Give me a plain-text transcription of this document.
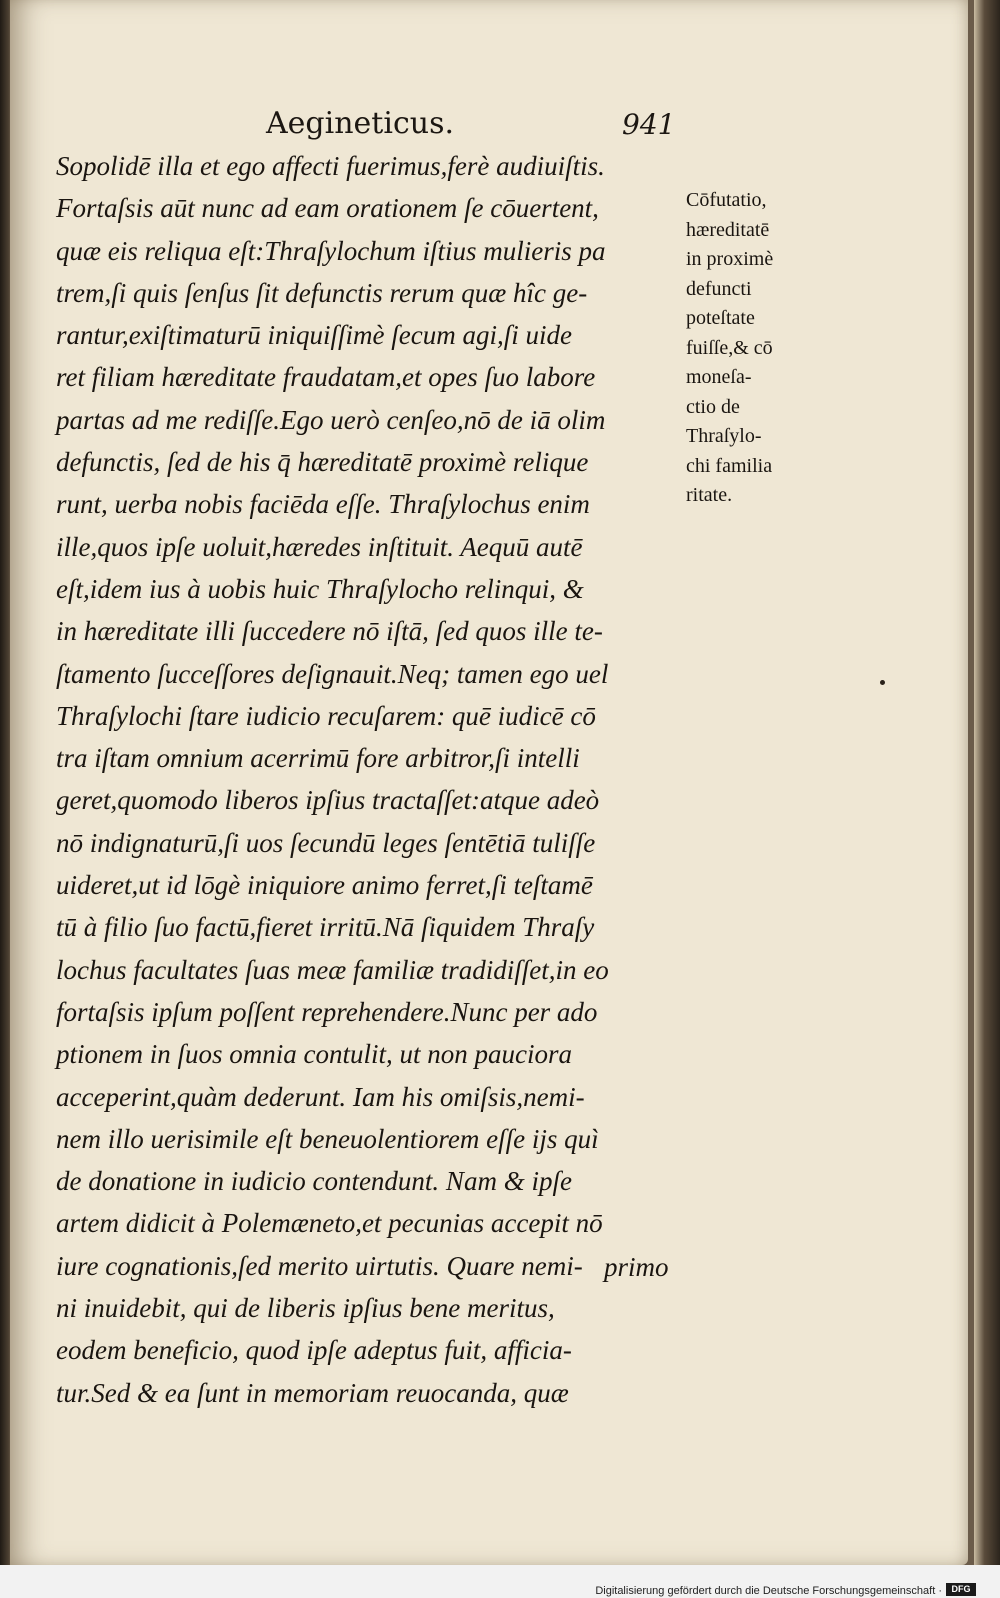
Aegineticus.	941
Sopolidē illa et ego affecti fuerimus,ferè audiuiſtis.
Fortaſsis aūt nunc ad eam orationem ſe cōuertent,
quæ eis reliqua eſt:Thraſylochum iſtius mulieris pa
trem,ſi quis ſenſus ſit defunctis rerum quæ hîc ge-
rantur,exiſtimaturū iniquiſſimè ſecum agi,ſi uide
ret filiam hæreditate fraudatam,et opes ſuo labore
partas ad me rediſſe.Ego uerò cenſeo,nō de iā olim
defunctis, ſed de his q̄ hæreditatē proximè relique
runt, uerba nobis faciēda eſſe. Thraſylochus enim
ille,quos ipſe uoluit,hæredes inſtituit. Aequū autē
eſt,idem ius à uobis huic Thraſylocho relinqui, &
in hæreditate illi ſuccedere nō iſtā, ſed quos ille te-
ſtamento ſucceſſores deſignauit.Neq; tamen ego uel
Thraſylochi ſtare iudicio recuſarem: quē iudicē cō
tra iſtam omnium acerrimū fore arbitror,ſi intelli
geret,quomodo liberos ipſius tractaſſet:atque adeò
nō indignaturū,ſi uos ſecundū leges ſentētiā tuliſſe
uideret,ut id lōgè iniquiore animo ferret,ſi teſtamē
tū à filio ſuo factū,fieret irritū.Nā ſiquidem Thraſy
lochus facultates ſuas meæ familiæ tradidiſſet,in eo
fortaſsis ipſum poſſent reprehendere.Nunc per ado
ptionem in ſuos omnia contulit, ut non pauciora
acceperint,quàm dederunt. Iam his omiſsis,nemi-
nem illo uerisimile eſt beneuolentiorem eſſe ijs quì
de donatione in iudicio contendunt. Nam & ipſe
artem didicit à Polemæneto,et pecunias accepit nō
iure cognationis,ſed merito uirtutis. Quare nemi-
ni inuidebit, qui de liberis ipſius bene meritus,
eodem beneficio, quod ipſe adeptus fuit, afficia-
tur.Sed & ea ſunt in memoriam reuocanda, quæ
primo
Cōfutatio,
hæreditatē
in proximè
defuncti
poteſtate
fuiſſe,& cō
moneſa-
ctio de
Thraſylo-
chi familia
ritate.
Digitalisierung gefördert durch die Deutsche Forschungsgemeinschaft ·	DFG
